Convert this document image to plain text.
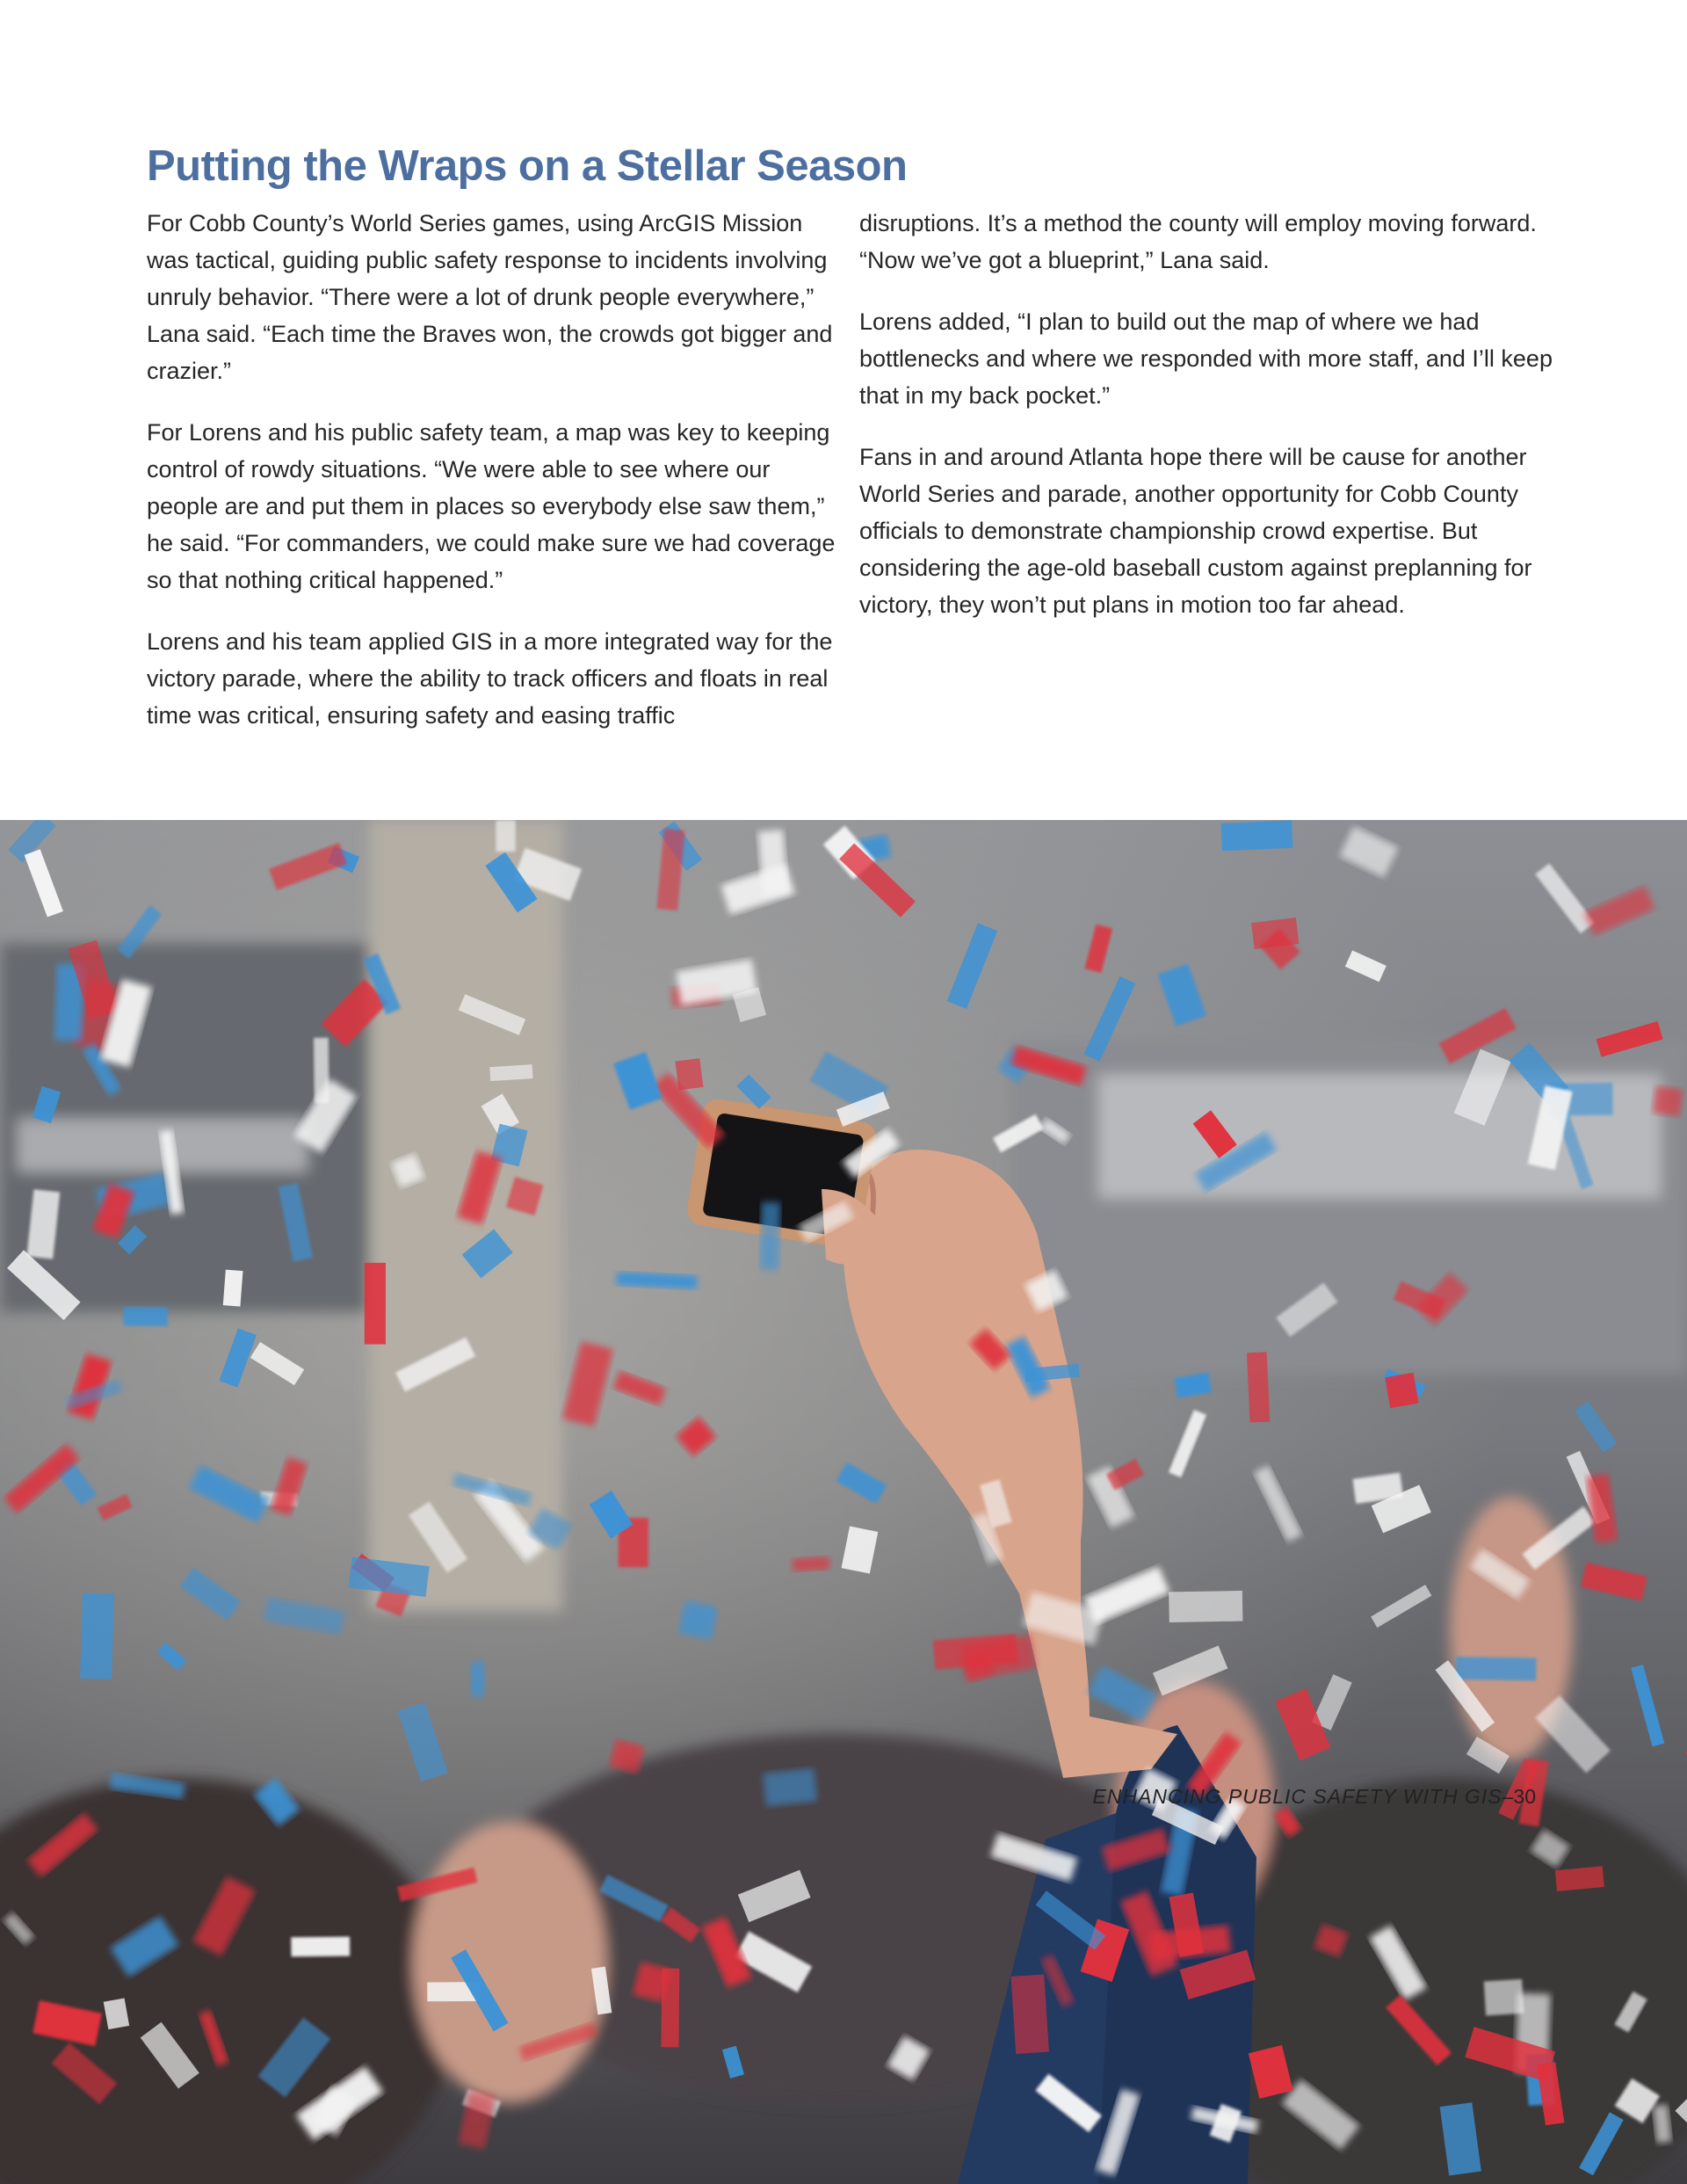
Putting the Wraps on a Stellar Season

For Cobb County’s World Series games, using ArcGIS Mission was tactical, guiding public safety response to incidents involving unruly behavior. “There were a lot of drunk people everywhere,” Lana said. “Each time the Braves won, the crowds got bigger and crazier.”

For Lorens and his public safety team, a map was key to keeping control of rowdy situations. “We were able to see where our people are and put them in places so everybody else saw them,” he said. “For commanders, we could make sure we had coverage so that nothing critical happened.”

Lorens and his team applied GIS in a more integrated way for the victory parade, where the ability to track officers and floats in real time was critical, ensuring safety and easing traffic

disruptions. It’s a method the county will employ moving forward. “Now we’ve got a blueprint,” Lana said.

Lorens added, “I plan to build out the map of where we had bottlenecks and where we responded with more staff, and I’ll keep that in my back pocket.”

Fans in and around Atlanta hope there will be cause for another World Series and parade, another opportunity for Cobb County officials to demonstrate championship crowd expertise. But considering the age-old baseball custom against preplanning for victory, they won’t put plans in motion too far ahead.

ENHANCING PUBLIC SAFETY WITH GIS–30
